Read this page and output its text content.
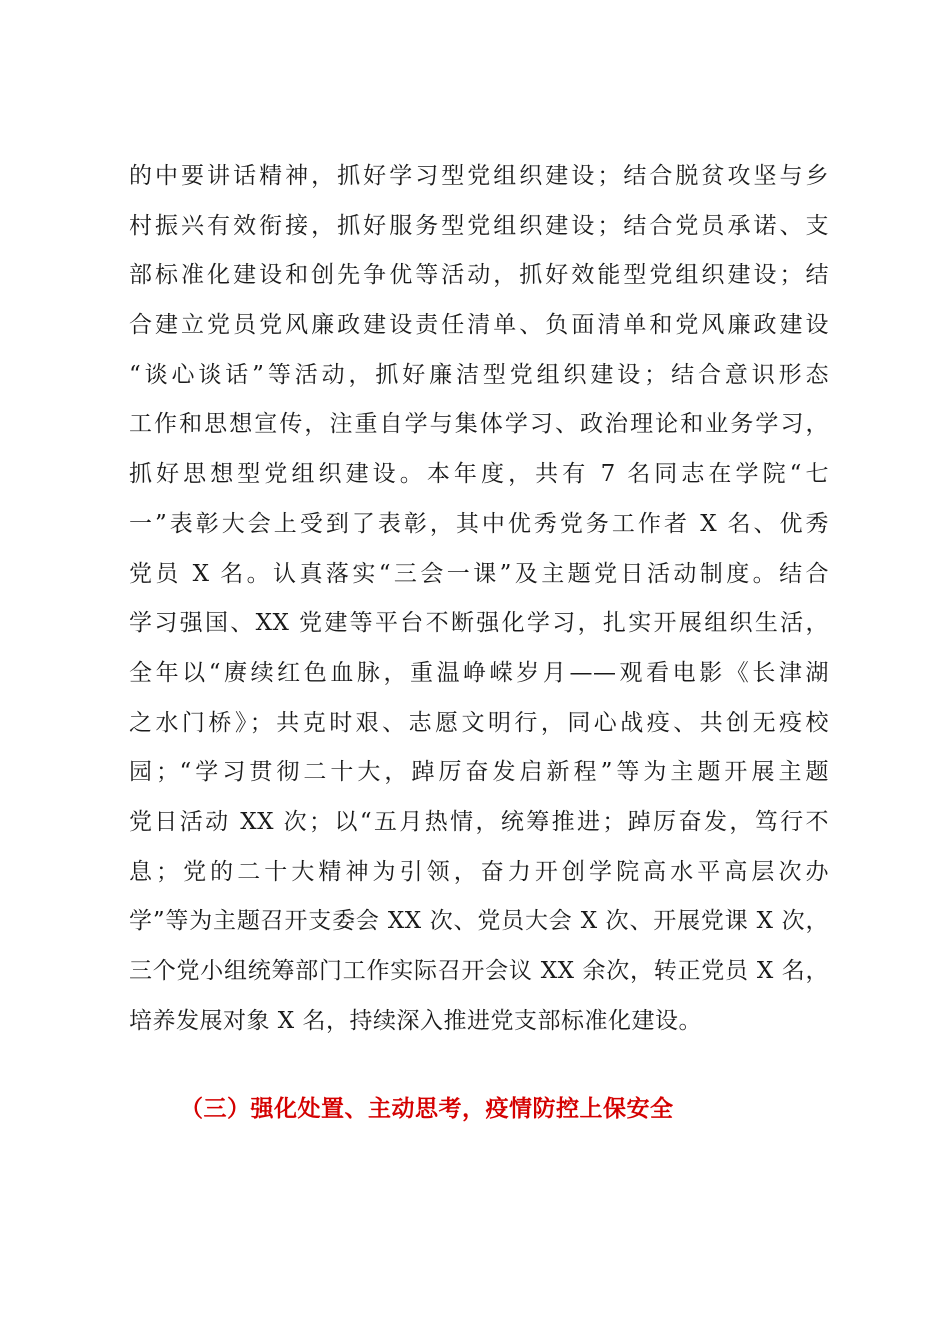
的中要讲话精神，抓好学习型党组织建设；结合脱贫攻坚与乡
村振兴有效衔接，抓好服务型党组织建设；结合党员承诺、支
部标准化建设和创先争优等活动，抓好效能型党组织建设；结
合建立党员党风廉政建设责任清单、负面清单和党风廉政建设
“谈心谈话”等活动，抓好廉洁型党组织建设；结合意识形态
工作和思想宣传，注重自学与集体学习、政治理论和业务学习，
抓好思想型党组织建设。本年度，共有 7 名同志在学院“七
一”表彰大会上受到了表彰，其中优秀党务工作者 X 名、优秀
党员 X 名。认真落实“三会一课”及主题党日活动制度。结合
学习强国、XX 党建等平台不断强化学习，扎实开展组织生活，
全年以“赓续红色血脉，重温峥嵘岁月——观看电影《长津湖
之水门桥》；共克时艰、志愿文明行，同心战疫、共创无疫校
园；“学习贯彻二十大，踔厉奋发启新程”等为主题开展主题
党日活动 XX 次；以“五月热情，统筹推进；踔厉奋发，笃行不
息；党的二十大精神为引领，奋力开创学院高水平高层次办
学”等为主题召开支委会 XX 次、党员大会 X 次、开展党课 X 次，
三个党小组统筹部门工作实际召开会议 XX 余次，转正党员 X 名，
培养发展对象 X 名，持续深入推进党支部标准化建设。
（三）强化处置、主动思考，疫情防控上保安全
